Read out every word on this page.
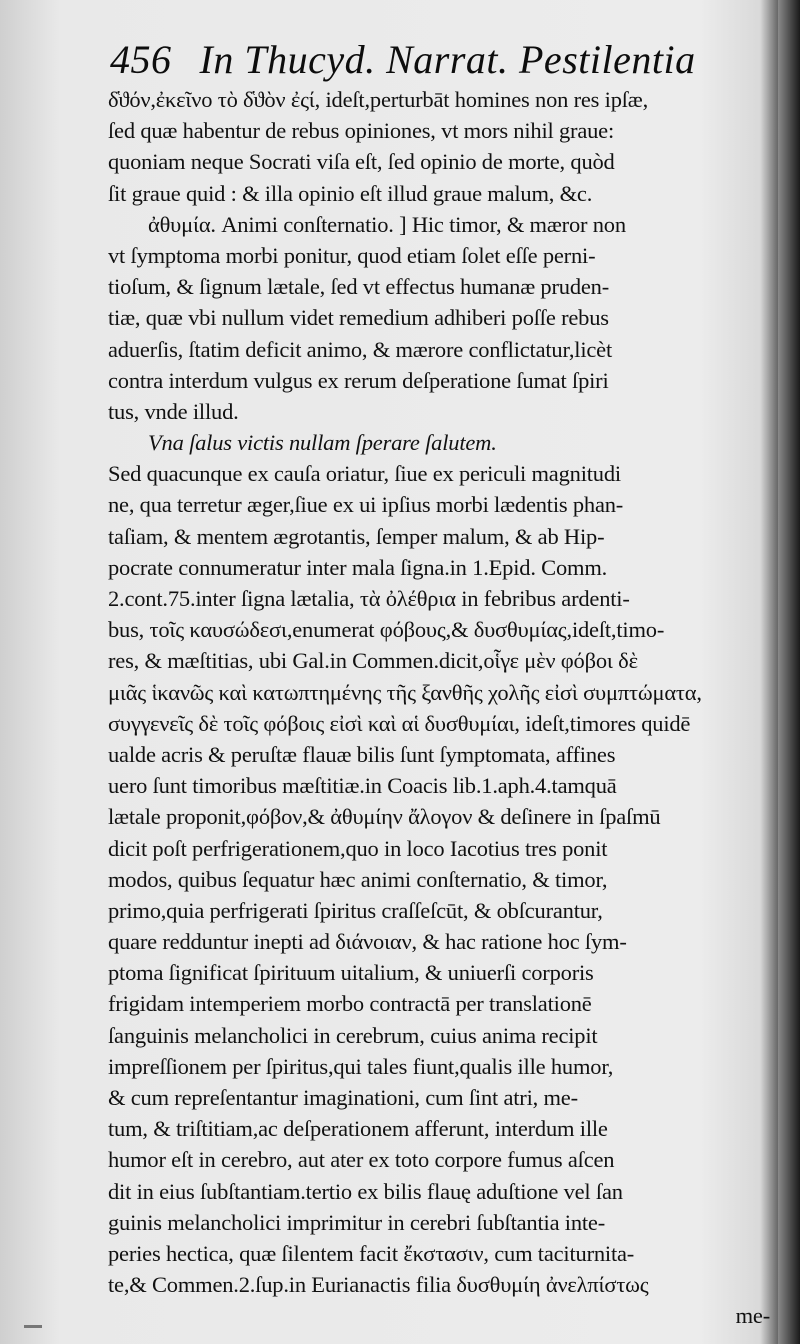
456 In Thucyd. Narrat. Pestilentia
δ̔ϑόν,ἐκεῖνο τὸ δ̔ϑὸν ἐςί, ideſt,perturbāt homines non res ipſæ,
ſed quæ habentur de rebus opiniones, vt mors nihil graue:
quoniam neque Socrati viſa eſt, ſed opinio de morte, quòd
ſit graue quid : & illa opinio eſt illud graue malum, &c.
ἀθυμία. Animi conſternatio. ] Hic timor, & mæror non
vt ſymptoma morbi ponitur, quod etiam ſolet eſſe perni-
tioſum, & ſignum lætale, ſed vt effectus humanæ pruden-
tiæ, quæ vbi nullum videt remedium adhiberi poſſe rebus
aduerſis, ſtatim deficit animo, & mærore conflictatur,licèt
contra interdum vulgus ex rerum deſperatione ſumat ſpiri
tus, vnde illud.
Vna ſalus victis nullam ſperare ſalutem.
Sed quacunque ex cauſa oriatur, ſiue ex periculi magnitudi
ne, qua terretur æger,ſiue ex ui ipſius morbi lædentis phan-
taſiam, & mentem ægrotantis, ſemper malum, & ab Hip-
pocrate connumeratur inter mala ſigna.in 1.Epid. Comm.
2.cont.75.inter ſigna lætalia, τὰ ὀλέθρια in febribus ardenti-
bus, τοῖς καυσώδεσι,enumerat φόβους,& δυσθυμίας,ideſt,timo-
res, & mæſtitias, ubi Gal.in Commen.dicit,οἷγε μὲν φόβοι δὲ
μιᾶς ἱκανῶς καὶ κατωπτημένης τῆς ξανθῆς χολῆς εἰσὶ συμπτώματα,
συγγενεῖς δὲ τοῖς φόβοις εἰσὶ καὶ αἱ δυσθυμίαι, ideſt,timores quidē
ualde acris & peruſtæ flauæ bilis ſunt ſymptomata, affines
uero ſunt timoribus mæſtitiæ.in Coacis lib.1.aph.4.tamquā
lætale proponit,φόβον,& ἀθυμίην ἄλογον & deſinere in ſpaſmū
dicit poſt perfrigerationem,quo in loco Iacotius tres ponit
modos, quibus ſequatur hæc animi conſternatio, & timor,
primo,quia perfrigerati ſpiritus craſſeſcūt, & obſcurantur,
quare redduntur inepti ad διάνοιαν, & hac ratione hoc ſym-
ptoma ſignificat ſpirituum uitalium, & uniuerſi corporis
frigidam intemperiem morbo contractā per translationē
ſanguinis melancholici in cerebrum, cuius anima recipit
impreſſionem per ſpiritus,qui tales fiunt,qualis ille humor,
& cum repreſentantur imaginationi, cum ſint atri, me-
tum, & triſtitiam,ac deſperationem afferunt, interdum ille
humor eſt in cerebro, aut ater ex toto corpore fumus aſcen
dit in eius ſubſtantiam.tertio ex bilis flauę aduſtione vel ſan
guinis melancholici imprimitur in cerebri ſubſtantia inte-
peries hectica, quæ ſilentem facit ἔκστασιν, cum taciturnita-
te,& Commen.2.ſup.in Eurianactis filia δυσθυμίη ἀνελπίστως
me-
